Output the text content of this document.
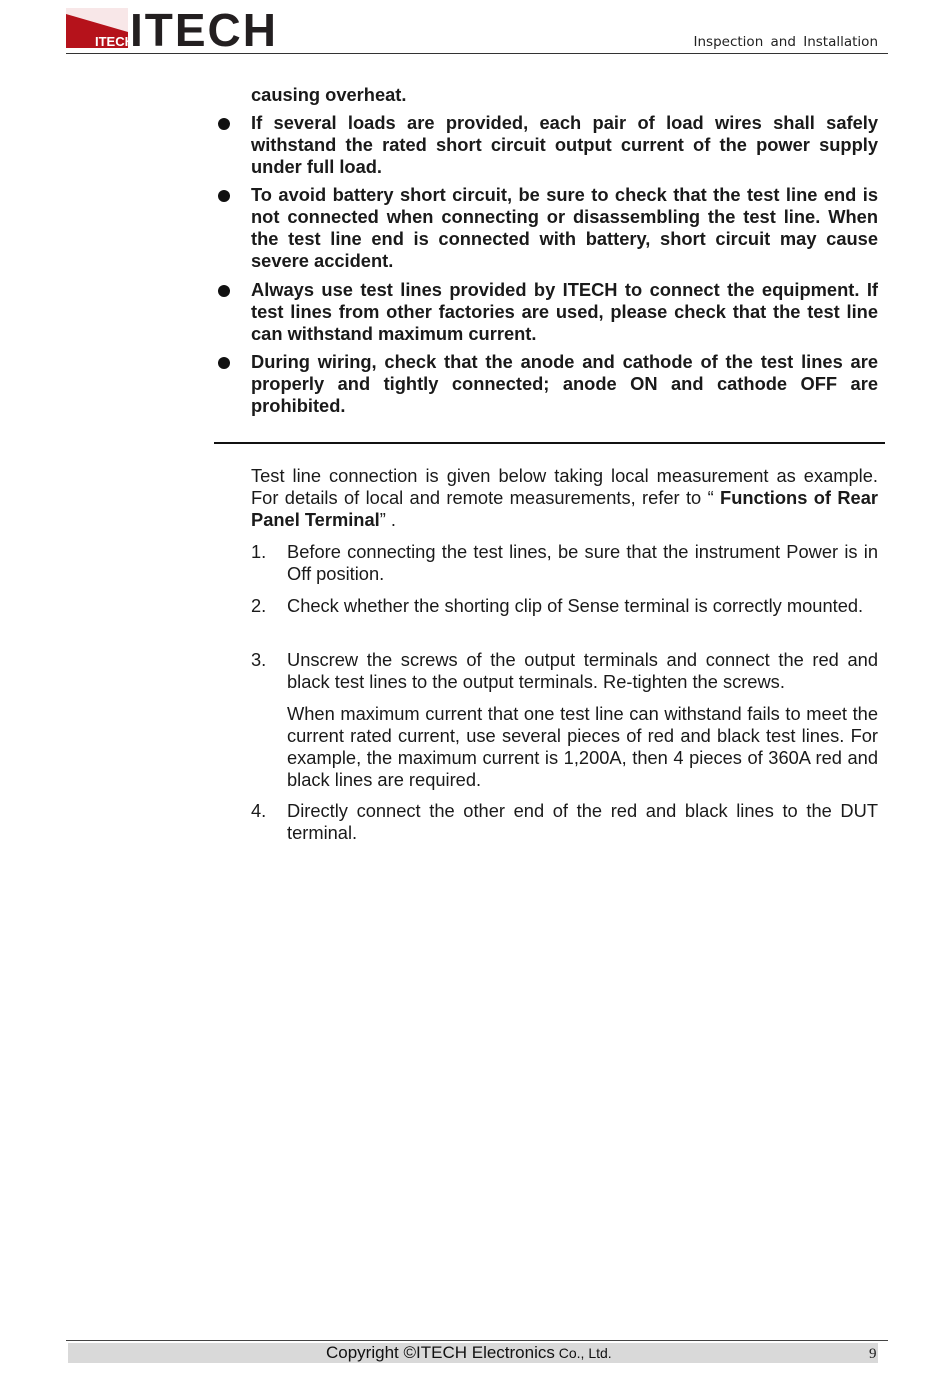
ITECH
ITECH	Inspection and Installation
causing overheat.
If several loads are provided, each pair of load wires shall safely withstand the rated short circuit output current of the power supply under full load.
To avoid battery short circuit, be sure to check that the test line end is not connected when connecting or disassembling the test line. When the test line end is connected with battery, short circuit may cause severe accident.
Always use test lines provided by ITECH to connect the equipment. If test lines from other factories are used, please check that the test line can withstand maximum current.
During wiring, check that the anode and cathode of the test lines are properly and tightly connected; anode ON and cathode OFF are prohibited.
Test line connection is given below taking local measurement as example. For details of local and remote measurements, refer to “ Functions of Rear Panel Terminal” .
1. Before connecting the test lines, be sure that the instrument Power is in Off position.
2. Check whether the shorting clip of Sense terminal is correctly mounted.
3. Unscrew the screws of the output terminals and connect the red and black test lines to the output terminals. Re-tighten the screws.
When maximum current that one test line can withstand fails to meet the current rated current, use several pieces of red and black test lines. For example, the maximum current is 1,200A, then 4 pieces of 360A red and black lines are required.
4. Directly connect the other end of the red and black lines to the DUT terminal.
Copyright ©ITECH Electronics Co., Ltd.	9
